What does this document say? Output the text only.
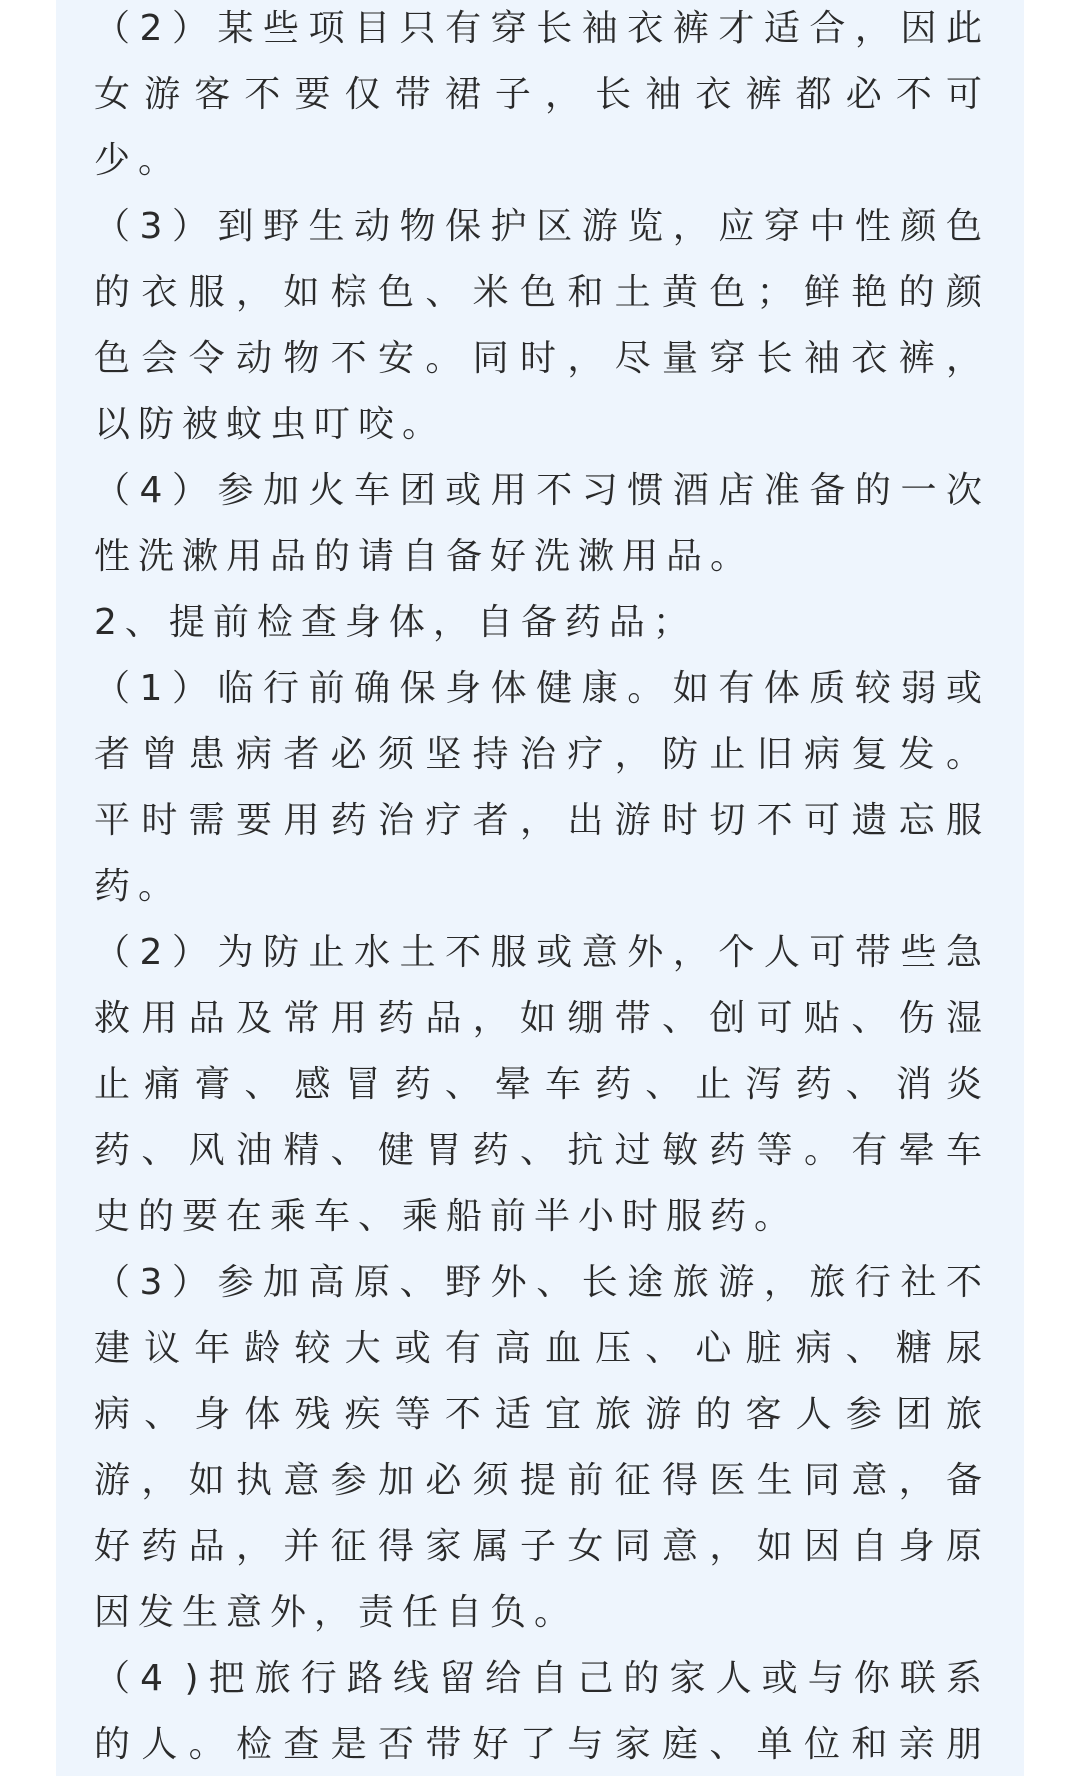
（2）某些项目只有穿长袖衣裤才适合，因此
女游客不要仅带裙子，长袖衣裤都必不可
少。
（3）到野生动物保护区游览，应穿中性颜色
的衣服，如棕色、米色和土黄色；鲜艳的颜
色会令动物不安。同时，尽量穿长袖衣裤，
以防被蚊虫叮咬。
（4）参加火车团或用不习惯酒店准备的一次
性洗漱用品的请自备好洗漱用品。
2、提前检查身体，自备药品；
（1）临行前确保身体健康。如有体质较弱或
者曾患病者必须坚持治疗，防止旧病复发。
平时需要用药治疗者，出游时切不可遗忘服
药。
（2）为防止水土不服或意外，个人可带些急
救用品及常用药品，如绷带、创可贴、伤湿
止痛膏、感冒药、晕车药、止泻药、消炎
药、风油精、健胃药、抗过敏药等。有晕车
史的要在乘车、乘船前半小时服药。
（3）参加高原、野外、长途旅游，旅行社不
建议年龄较大或有高血压、心脏病、糖尿
病、身体残疾等不适宜旅游的客人参团旅
游，如执意参加必须提前征得医生同意，备
好药品，并征得家属子女同意，如因自身原
因发生意外，责任自负。
（4 )把旅行路线留给自己的家人或与你联系
的人。检查是否带好了与家庭、单位和亲朋
